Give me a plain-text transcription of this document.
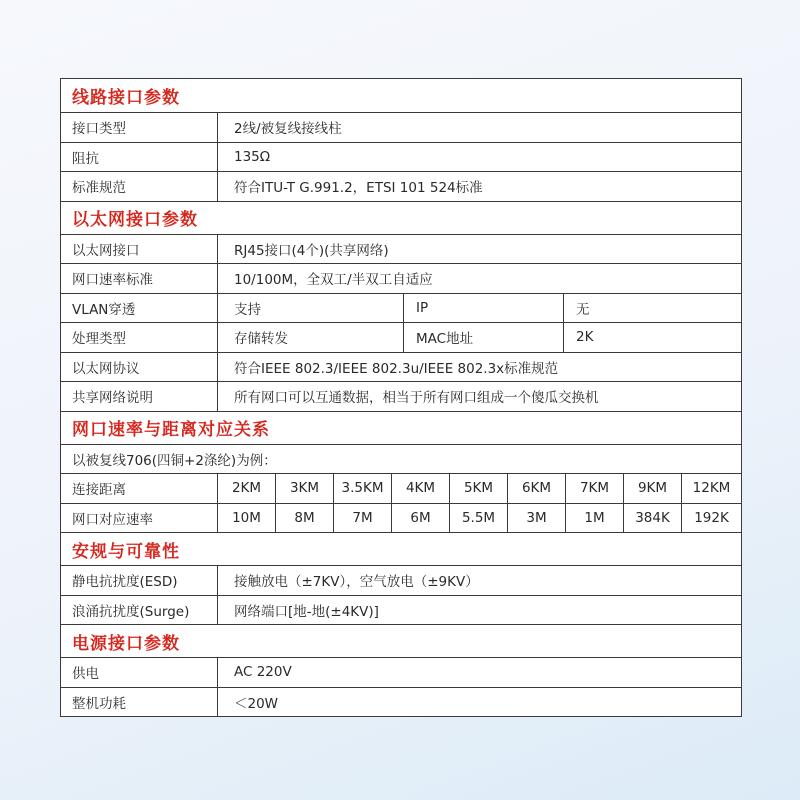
线路接口参数
接口类型	2线/被复线接线柱
阻抗	135Ω
标准规范	符合ITU-T G.991.2，ETSI 101 524标准
以太网接口参数
以太网接口	RJ45接口(4个)(共享网络)
网口速率标准	10/100M，全双工/半双工自适应
VLAN穿透	支持	IP	无
处理类型	存储转发	MAC地址	2K
以太网协议	符合IEEE 802.3/IEEE 802.3u/IEEE 802.3x标准规范
共享网络说明	所有网口可以互通数据，相当于所有网口组成一个傻瓜交换机
网口速率与距离对应关系
以被复线706(四铜+2涤纶)为例：
连接距离	2KM	3KM	3.5KM	4KM	5KM	6KM	7KM	9KM	12KM
网口对应速率	10M	8M	7M	6M	5.5M	3M	1M	384K	192K
安规与可靠性
静电抗扰度(ESD)	接触放电（±7KV），空气放电（±9KV）
浪涌抗扰度(Surge)	网络端口[地-地(±4KV)]
电源接口参数
供电	AC 220V
整机功耗	＜20W
